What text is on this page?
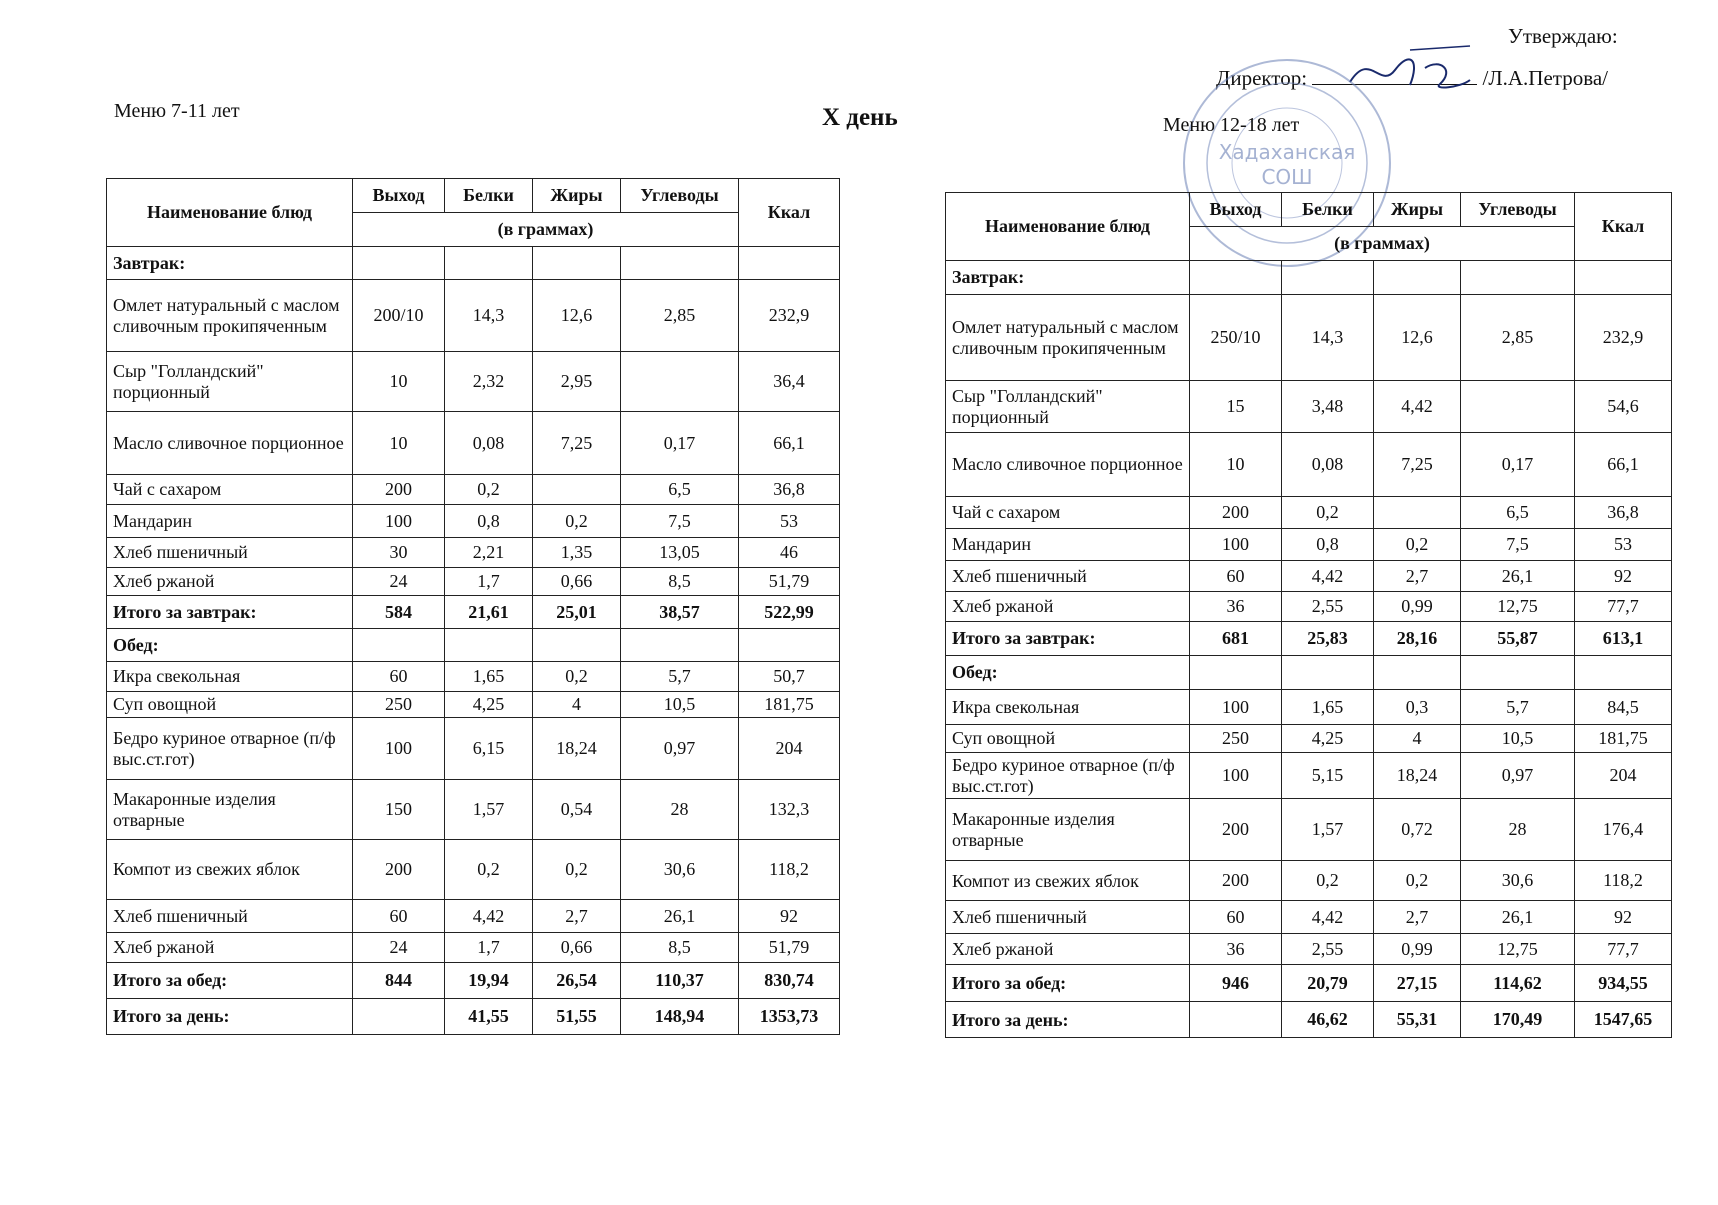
Утверждаю:
Директор:	/Л.А.Петрова/
Хадаханская
СОШ
X день
Меню 7-11 лет
Меню 12-18 лет
Наименование блюд	Выход	Белки	Жиры	Углеводы	Ккал
	(в граммах)				
Завтрак:					
Омлет натуральный с маслом сливочным прокипяченным	200/10	14,3	12,6	2,85	232,9
Сыр "Голландский" порционный	10	2,32	2,95		36,4
Масло сливочное порционное	10	0,08	7,25	0,17	66,1
Чай с сахаром	200	0,2		6,5	36,8
Мандарин	100	0,8	0,2	7,5	53
Хлеб пшеничный	30	2,21	1,35	13,05	46
Хлеб ржаной	24	1,7	0,66	8,5	51,79
Итого за завтрак:	584	21,61	25,01	38,57	522,99
Обед:					
Икра свекольная	60	1,65	0,2	5,7	50,7
Суп овощной	250	4,25	4	10,5	181,75
Бедро куриное отварное (п/ф выс.ст.гот)	100	6,15	18,24	0,97	204
Макаронные изделия отварные	150	1,57	0,54	28	132,3
Компот из свежих яблок	200	0,2	0,2	30,6	118,2
Хлеб пшеничный	60	4,42	2,7	26,1	92
Хлеб ржаной	24	1,7	0,66	8,5	51,79
Итого за обед:	844	19,94	26,54	110,37	830,74
Итого за день:		41,55	51,55	148,94	1353,73
Наименование блюд	Выход	Белки	Жиры	Углеводы	Ккал
	(в граммах)				
Завтрак:					
Омлет натуральный с маслом сливочным прокипяченным	250/10	14,3	12,6	2,85	232,9
Сыр "Голландский" порционный	15	3,48	4,42		54,6
Масло сливочное порционное	10	0,08	7,25	0,17	66,1
Чай с сахаром	200	0,2		6,5	36,8
Мандарин	100	0,8	0,2	7,5	53
Хлеб пшеничный	60	4,42	2,7	26,1	92
Хлеб ржаной	36	2,55	0,99	12,75	77,7
Итого за завтрак:	681	25,83	28,16	55,87	613,1
Обед:					
Икра свекольная	100	1,65	0,3	5,7	84,5
Суп овощной	250	4,25	4	10,5	181,75
Бедро куриное отварное (п/ф выс.ст.гот)	100	5,15	18,24	0,97	204
Макаронные изделия отварные	200	1,57	0,72	28	176,4
Компот из свежих яблок	200	0,2	0,2	30,6	118,2
Хлеб пшеничный	60	4,42	2,7	26,1	92
Хлеб ржаной	36	2,55	0,99	12,75	77,7
Итого за обед:	946	20,79	27,15	114,62	934,55
Итого за день:		46,62	55,31	170,49	1547,65
